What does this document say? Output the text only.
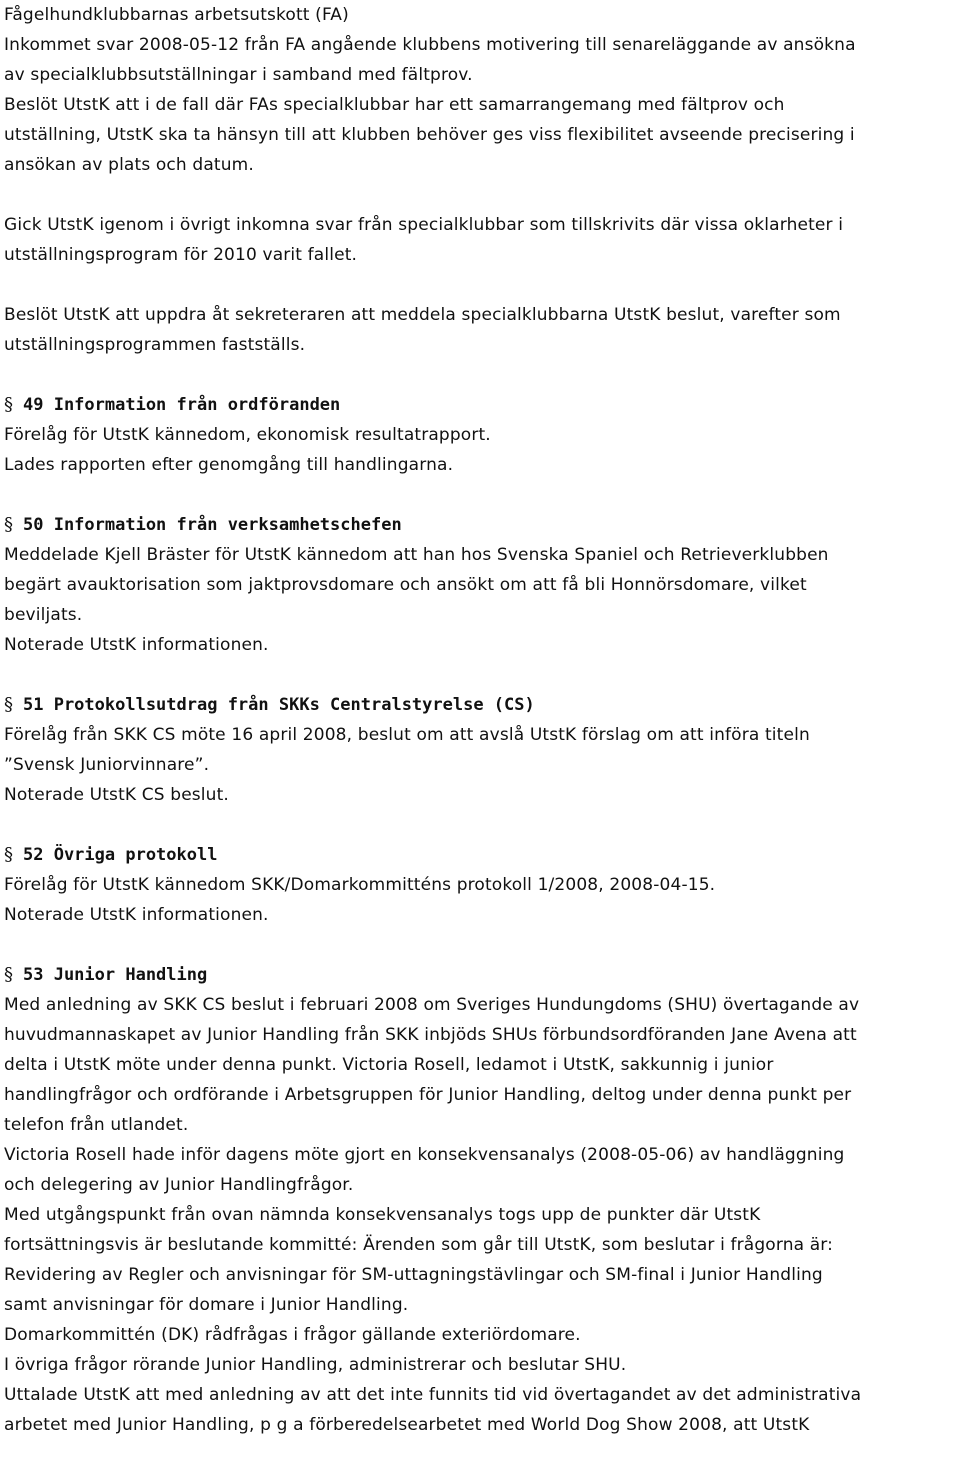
Fågelhundklubbarnas arbetsutskott (FA)
Inkommet svar 2008-05-12 från FA angående klubbens motivering till senareläggande av ansökna
av specialklubbsutställningar i samband med fältprov.
Beslöt UtstK att i de fall där FAs specialklubbar har ett samarrangemang med fältprov och
utställning, UtstK ska ta hänsyn till att klubben behöver ges viss flexibilitet avseende precisering i
ansökan av plats och datum.
Gick UtstK igenom i övrigt inkomna svar från specialklubbar som tillskrivits där vissa oklarheter i
utställningsprogram för 2010 varit fallet.
Beslöt UtstK att uppdra åt sekreteraren att meddela specialklubbarna UtstK beslut, varefter som
utställningsprogrammen fastställs.
§ 49 Information från ordföranden
Förelåg för UtstK kännedom, ekonomisk resultatrapport.
Lades rapporten efter genomgång till handlingarna.
§ 50 Information från verksamhetschefen
Meddelade Kjell Bräster för UtstK kännedom att han hos Svenska Spaniel och Retrieverklubben
begärt avauktorisation som jaktprovsdomare och ansökt om att få bli Honnörsdomare, vilket
beviljats.
Noterade UtstK informationen.
§ 51 Protokollsutdrag från SKKs Centralstyrelse (CS)
Förelåg från SKK CS möte 16 april 2008, beslut om att avslå UtstK förslag om att införa titeln
”Svensk Juniorvinnare”.
Noterade UtstK CS beslut.
§ 52 Övriga protokoll
Förelåg för UtstK kännedom SKK/Domarkommitténs protokoll 1/2008, 2008-04-15.
Noterade UtstK informationen.
§ 53 Junior Handling
Med anledning av SKK CS beslut i februari 2008 om Sveriges Hundungdoms (SHU) övertagande av
huvudmannaskapet av Junior Handling från SKK inbjöds SHUs förbundsordföranden Jane Avena att
delta i UtstK möte under denna punkt. Victoria Rosell, ledamot i UtstK, sakkunnig i junior
handlingfrågor och ordförande i Arbetsgruppen för Junior Handling, deltog under denna punkt per
telefon från utlandet.
Victoria Rosell hade inför dagens möte gjort en konsekvensanalys (2008-05-06) av handläggning
och delegering av Junior Handlingfrågor.
Med utgångspunkt från ovan nämnda konsekvensanalys togs upp de punkter där UtstK
fortsättningsvis är beslutande kommitté: Ärenden som går till UtstK, som beslutar i frågorna är:
Revidering av Regler och anvisningar för SM-uttagningstävlingar och SM-final i Junior Handling
samt anvisningar för domare i Junior Handling.
Domarkommittén (DK) rådfrågas i frågor gällande exteriördomare.
I övriga frågor rörande Junior Handling, administrerar och beslutar SHU.
Uttalade UtstK att med anledning av att det inte funnits tid vid övertagandet av det administrativa
arbetet med Junior Handling, p g a förberedelsearbetet med World Dog Show 2008, att UtstK
